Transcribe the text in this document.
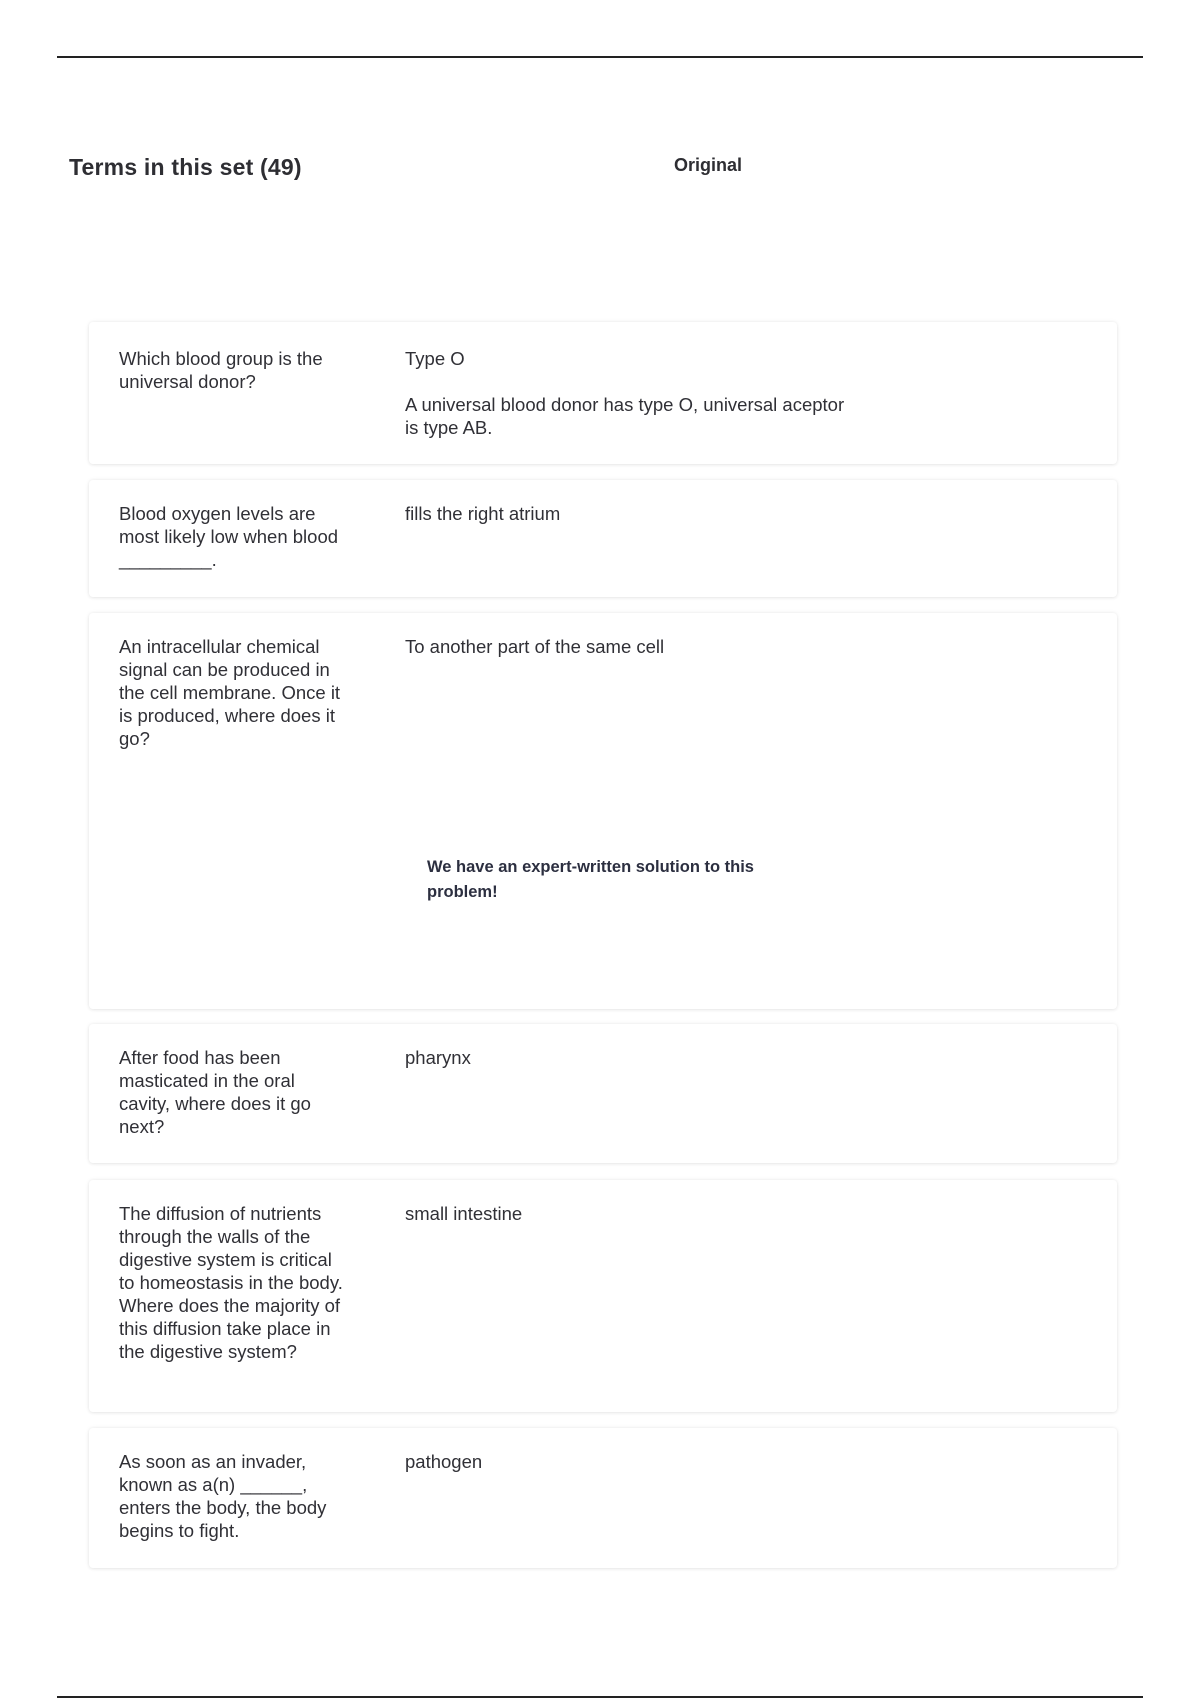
Terms in this set (49)	Original
Which blood group is the universal donor?
Type O
A universal blood donor has type O, universal aceptor is type AB.
Blood oxygen levels are most likely low when blood _________.
fills the right atrium
An intracellular chemical signal can be produced in the cell membrane. Once it is produced, where does it go?
To another part of the same cell
We have an expert-written solution to this problem!
After food has been masticated in the oral cavity, where does it go next?
pharynx
The diffusion of nutrients through the walls of the digestive system is critical to homeostasis in the body. Where does the majority of this diffusion take place in the digestive system?
small intestine
As soon as an invader, known as a(n) ______, enters the body, the body begins to fight.
pathogen
